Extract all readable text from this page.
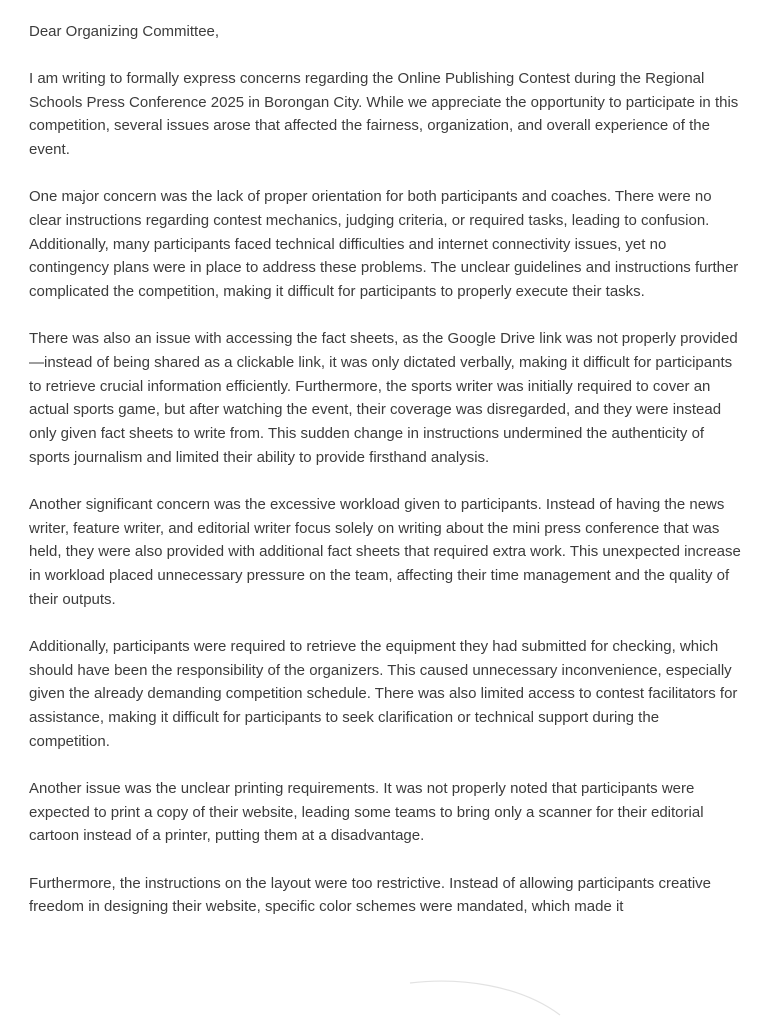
Dear Organizing Committee,

I am writing to formally express concerns regarding the Online Publishing Contest during the Regional Schools Press Conference 2025 in Borongan City. While we appreciate the opportunity to participate in this competition, several issues arose that affected the fairness, organization, and overall experience of the event.

One major concern was the lack of proper orientation for both participants and coaches. There were no clear instructions regarding contest mechanics, judging criteria, or required tasks, leading to confusion. Additionally, many participants faced technical difficulties and internet connectivity issues, yet no contingency plans were in place to address these problems. The unclear guidelines and instructions further complicated the competition, making it difficult for participants to properly execute their tasks.

There was also an issue with accessing the fact sheets, as the Google Drive link was not properly provided—instead of being shared as a clickable link, it was only dictated verbally, making it difficult for participants to retrieve crucial information efficiently. Furthermore, the sports writer was initially required to cover an actual sports game, but after watching the event, their coverage was disregarded, and they were instead only given fact sheets to write from. This sudden change in instructions undermined the authenticity of sports journalism and limited their ability to provide firsthand analysis.

Another significant concern was the excessive workload given to participants. Instead of having the news writer, feature writer, and editorial writer focus solely on writing about the mini press conference that was held, they were also provided with additional fact sheets that required extra work. This unexpected increase in workload placed unnecessary pressure on the team, affecting their time management and the quality of their outputs.

Additionally, participants were required to retrieve the equipment they had submitted for checking, which should have been the responsibility of the organizers. This caused unnecessary inconvenience, especially given the already demanding competition schedule. There was also limited access to contest facilitators for assistance, making it difficult for participants to seek clarification or technical support during the competition.

Another issue was the unclear printing requirements. It was not properly noted that participants were expected to print a copy of their website, leading some teams to bring only a scanner for their editorial cartoon instead of a printer, putting them at a disadvantage.

Furthermore, the instructions on the layout were too restrictive. Instead of allowing participants creative freedom in designing their website, specific color schemes were mandated, which made it
